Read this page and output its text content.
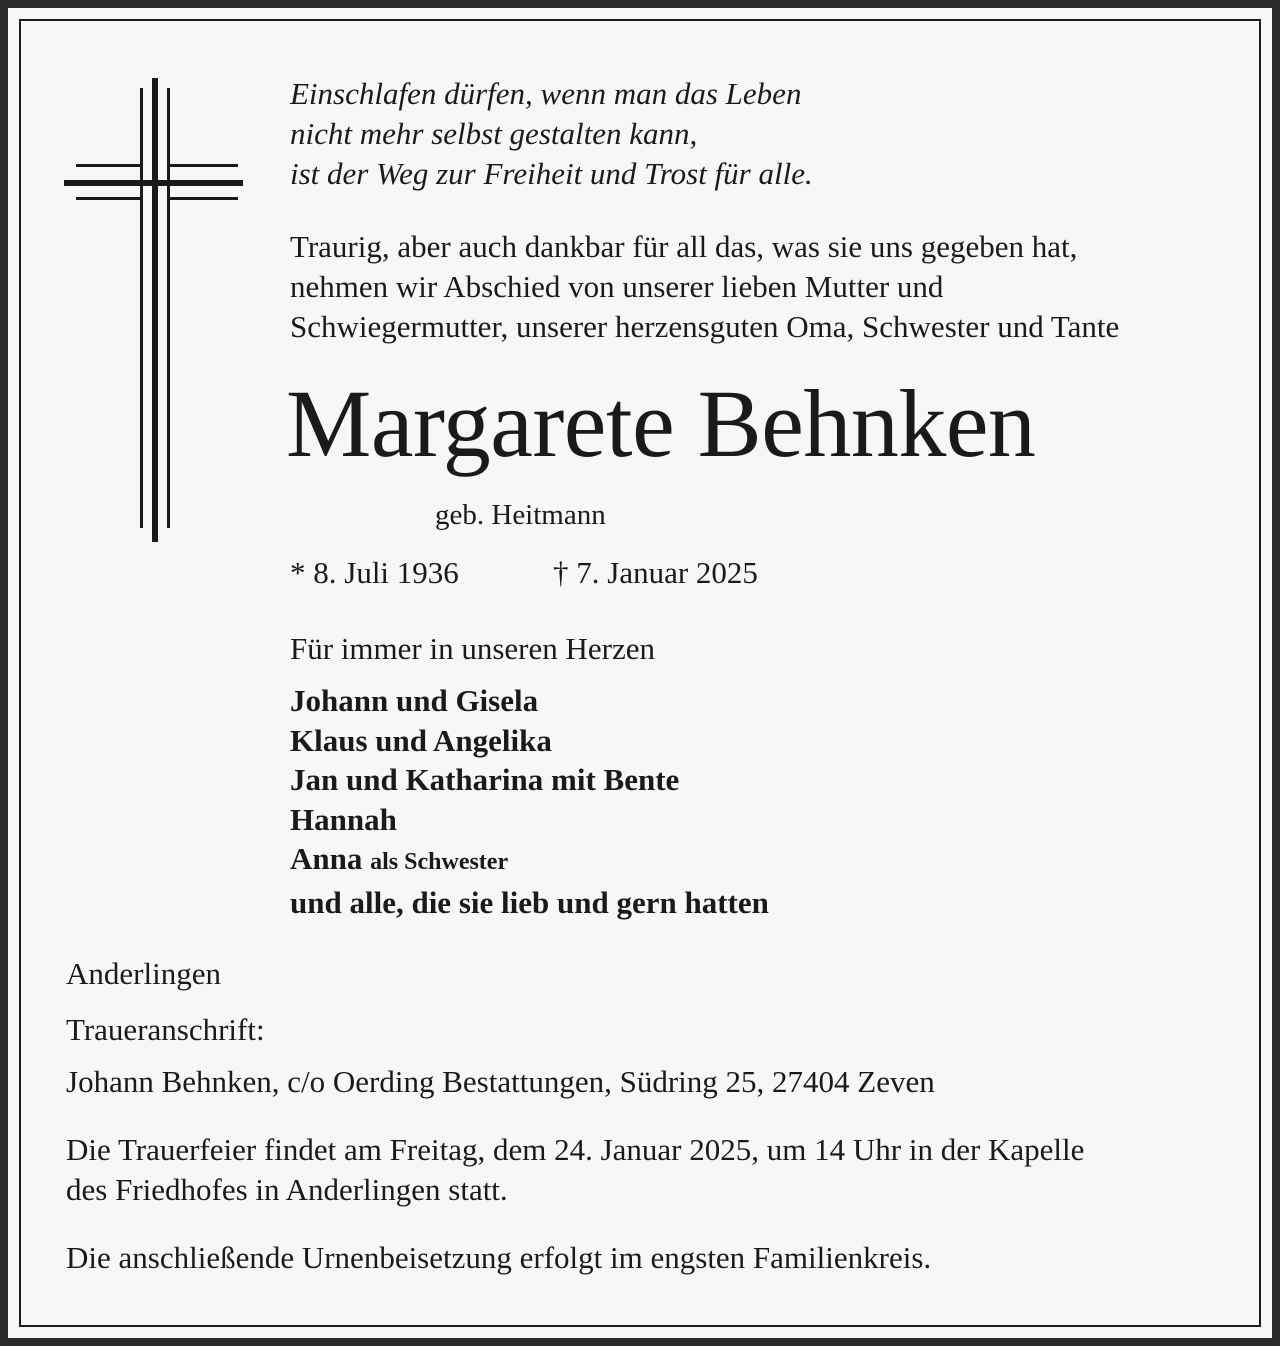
Einschlafen dürfen, wenn man das Leben
nicht mehr selbst gestalten kann,
ist der Weg zur Freiheit und Trost für alle.
Traurig, aber auch dankbar für all das, was sie uns gegeben hat,
nehmen wir Abschied von unserer lieben Mutter und
Schwiegermutter, unserer herzensguten Oma, Schwester und Tante
Margarete Behnken
geb. Heitmann
* 8. Juli 1936	† 7. Januar 2025
Für immer in unseren Herzen
Johann und Gisela
Klaus und Angelika
Jan und Katharina mit Bente
Hannah
Anna als Schwester
und alle, die sie lieb und gern hatten
Anderlingen
Traueranschrift:
Johann Behnken, c/o Oerding Bestattungen, Südring 25, 27404 Zeven
Die Trauerfeier findet am Freitag, dem 24. Januar 2025, um 14 Uhr in der Kapelle
des Friedhofes in Anderlingen statt.
Die anschließende Urnenbeisetzung erfolgt im engsten Familienkreis.
